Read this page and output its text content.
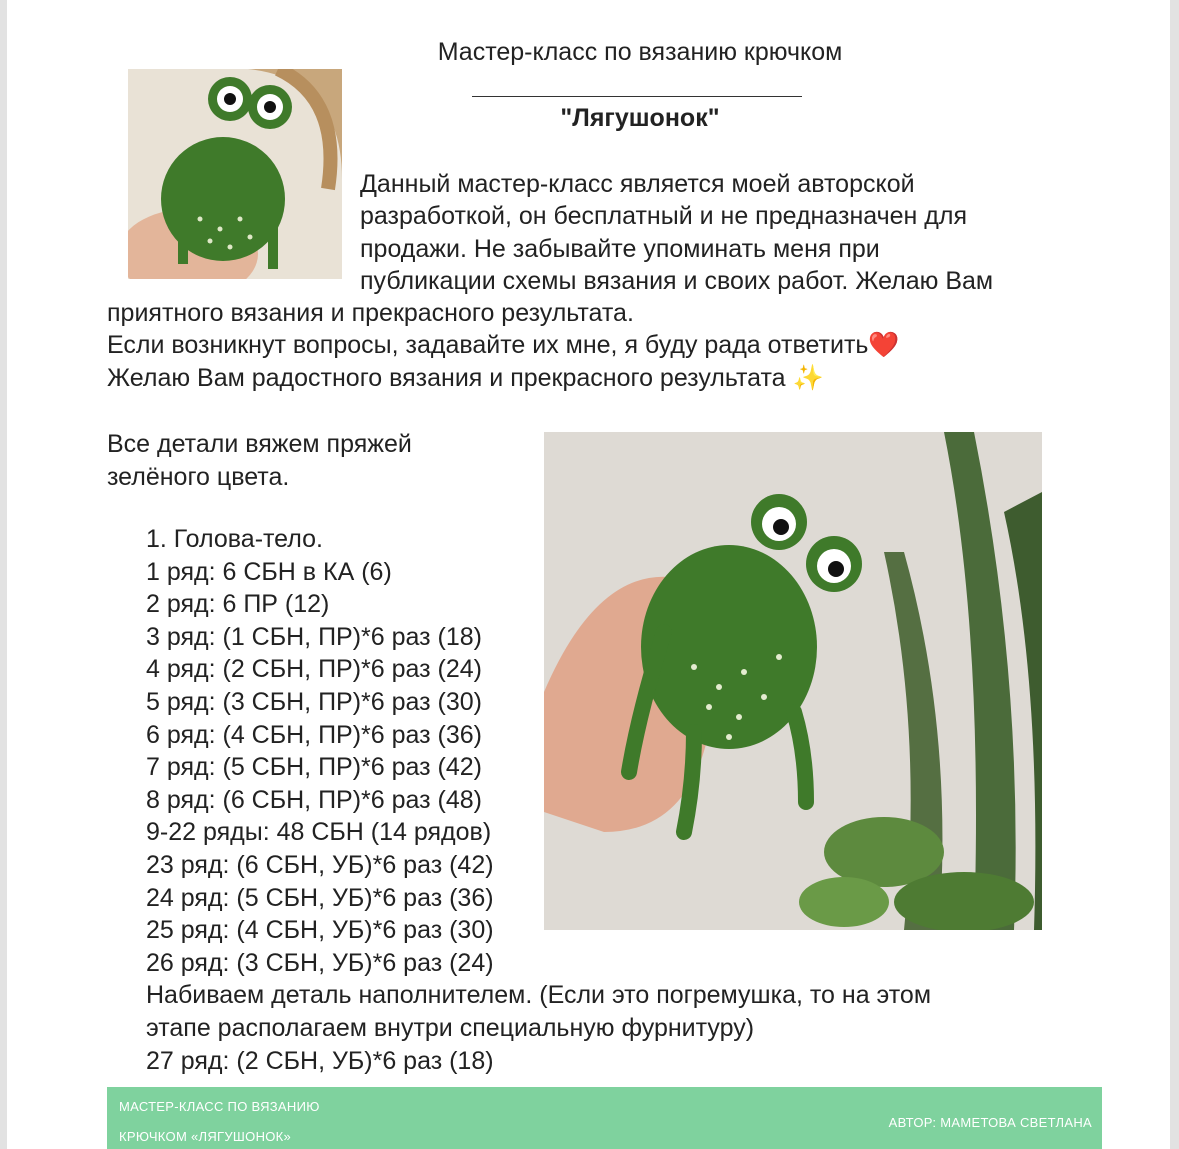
Мастер-класс по вязанию крючком
"Лягушонок"
Данный мастер-класс является моей авторской
разработкой, он бесплатный и не предназначен для
продажи. Не забывайте упоминать меня при
публикации схемы вязания и своих работ. Желаю Вам
приятного вязания и прекрасного результата.
Если возникнут вопросы, задавайте их мне, я буду рада ответить❤️
Желаю Вам радостного вязания и прекрасного результата ✨
Все детали вяжем пряжей
зелёного цвета.
1. Голова-тело.
1 ряд: 6 СБН в КА (6)
2 ряд: 6 ПР (12)
3 ряд: (1 СБН, ПР)*6 раз (18)
4 ряд: (2 СБН, ПР)*6 раз (24)
5 ряд: (3 СБН, ПР)*6 раз (30)
6 ряд: (4 СБН, ПР)*6 раз (36)
7 ряд: (5 СБН, ПР)*6 раз (42)
8 ряд: (6 СБН, ПР)*6 раз (48)
9-22 ряды: 48 СБН (14 рядов)
23 ряд: (6 СБН, УБ)*6 раз (42)
24 ряд: (5 СБН, УБ)*6 раз (36)
25 ряд: (4 СБН, УБ)*6 раз (30)
26 ряд: (3 СБН, УБ)*6 раз (24)
Набиваем деталь наполнителем. (Если это погремушка, то на этом
этапе располагаем внутри специальную фурнитуру)
27 ряд: (2 СБН, УБ)*6 раз (18)
МАСТЕР-КЛАСС ПО ВЯЗАНИЮ
КРЮЧКОМ «ЛЯГУШОНОК»
АВТОР: МАМЕТОВА СВЕТЛАНА
